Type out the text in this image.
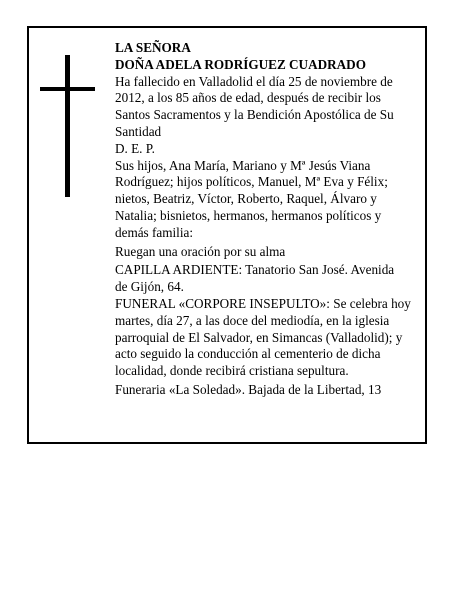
LA SEÑORA
DOÑA ADELA RODRÍGUEZ CUADRADO
Ha fallecido en Valladolid el día 25 de noviembre de
2012, a los 85 años de edad, después de recibir los
Santos Sacramentos y la Bendición Apostólica de Su
Santidad
D. E. P.
Sus hijos, Ana María, Mariano y Mª Jesús Viana
Rodríguez; hijos políticos, Manuel, Mª Eva y Félix;
nietos, Beatriz, Víctor, Roberto, Raquel, Álvaro y
Natalia; bisnietos, hermanos, hermanos políticos y
demás familia:
Ruegan una oración por su alma
CAPILLA ARDIENTE: Tanatorio San José. Avenida
de Gijón, 64.
FUNERAL «CORPORE INSEPULTO»: Se celebra hoy
martes, día 27, a las doce del mediodía, en la iglesia
parroquial de El Salvador, en Simancas (Valladolid); y
acto seguido la conducción al cementerio de dicha
localidad, donde recibirá cristiana sepultura.
Funeraria «La Soledad». Bajada de la Libertad, 13
